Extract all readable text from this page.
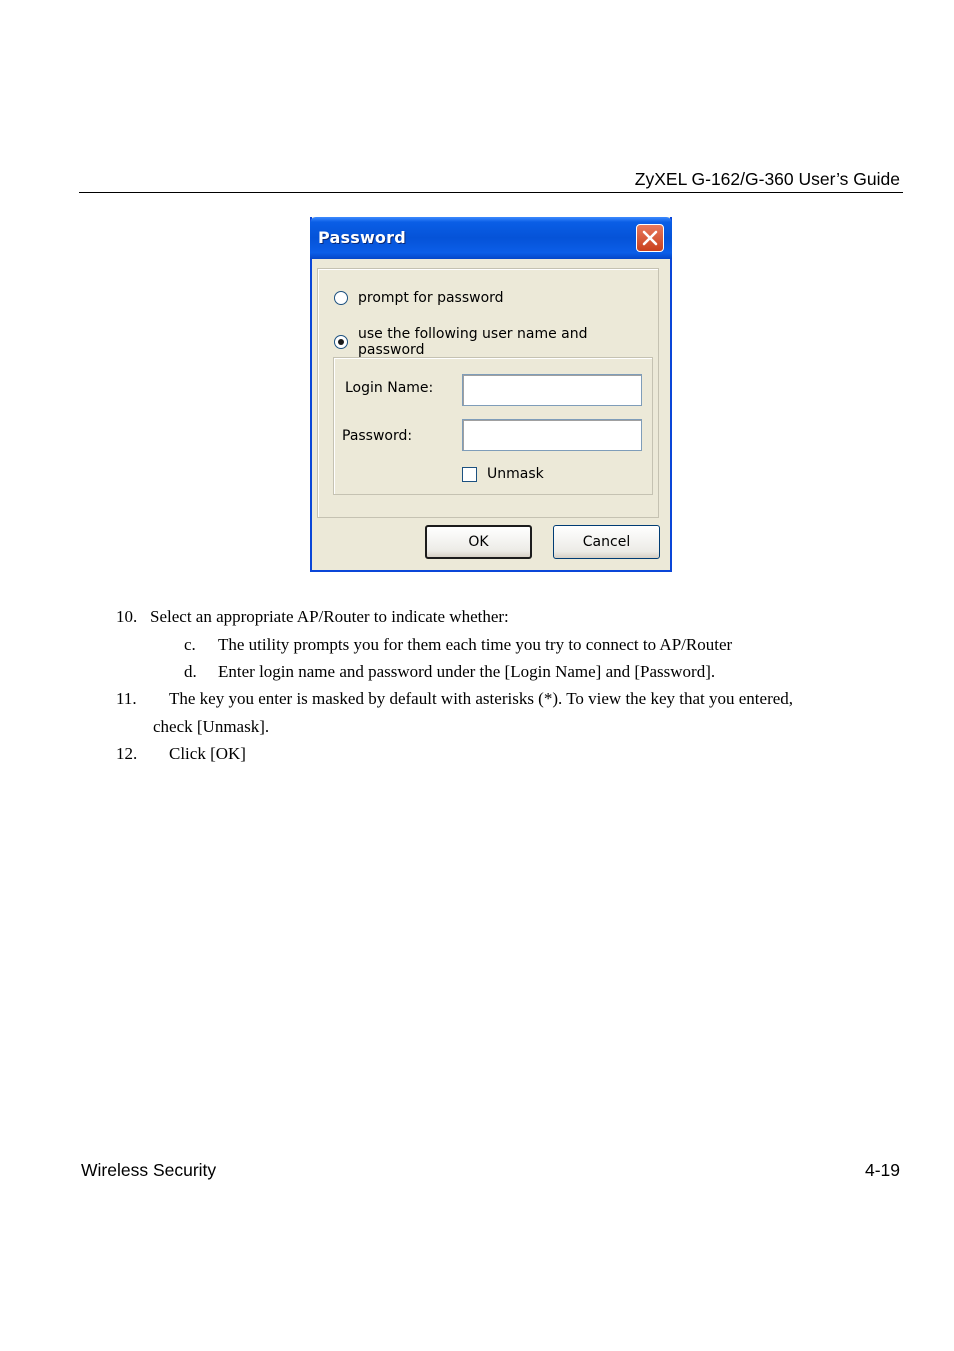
ZyXEL G-162/G-360 User’s Guide
Password
prompt for password
use the following user name and password
Login Name:
Password:
Unmask
OK	Cancel
10. Select an appropriate AP/Router to indicate whether:
c. The utility prompts you for them each time you try to connect to AP/Router
d. Enter login name and password under the [Login Name] and [Password].
11. The key you enter is masked by default with asterisks (*). To view the key that you entered,
check [Unmask].
12. Click [OK]
Wireless Security	4-19
